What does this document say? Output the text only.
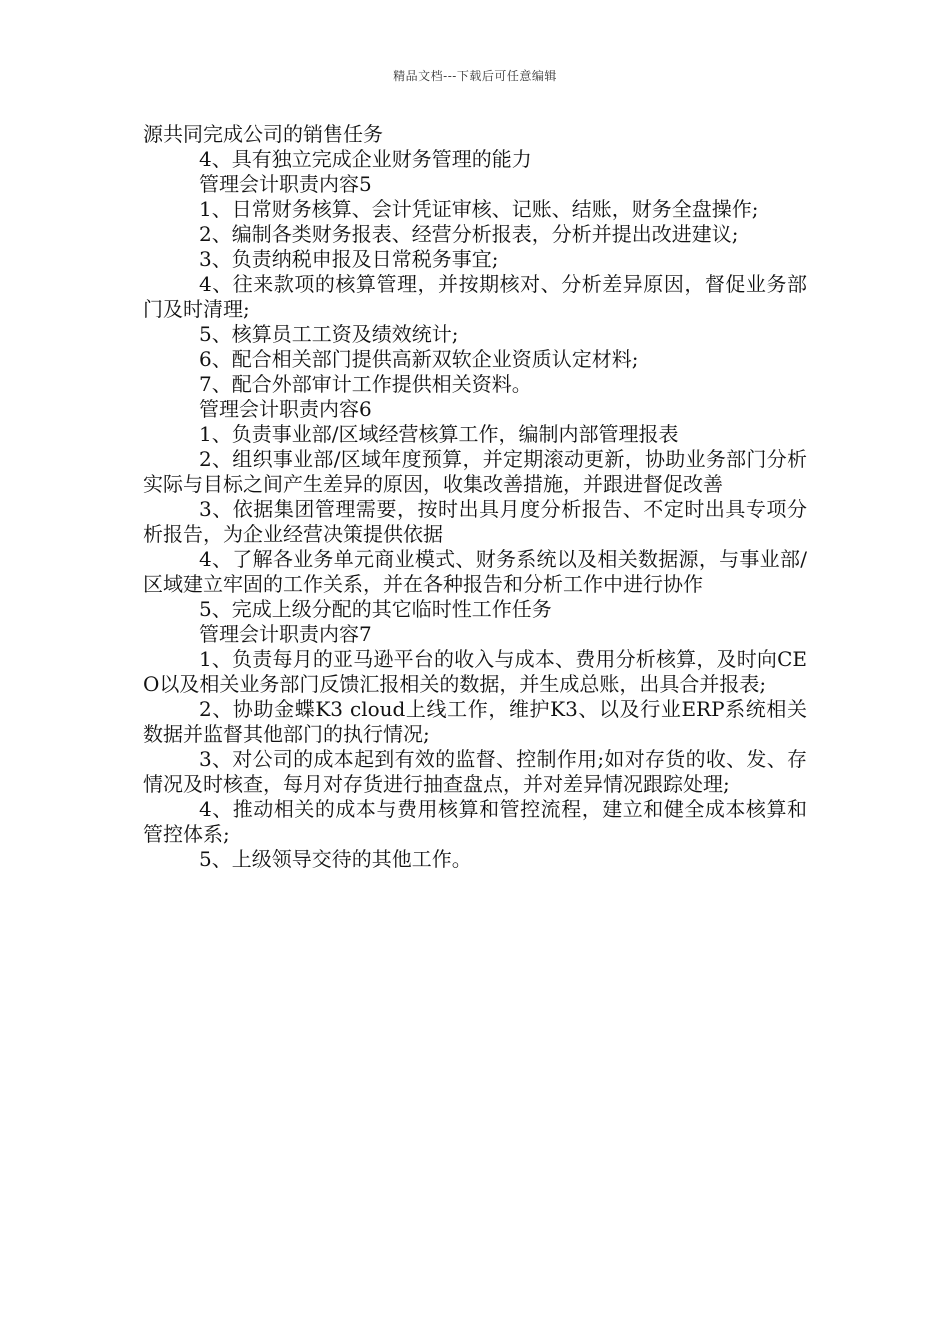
精品文档---下载后可任意编辑

源共同完成公司的销售任务

4、具有独立完成企业财务管理的能力

管理会计职责内容5

1、日常财务核算、会计凭证审核、记账、结账，财务全盘操作;

2、编制各类财务报表、经营分析报表，分析并提出改进建议;

3、负责纳税申报及日常税务事宜;

4、往来款项的核算管理，并按期核对、分析差异原因，督促业务部门及时清理;

5、核算员工工资及绩效统计;

6、配合相关部门提供高新双软企业资质认定材料;

7、配合外部审计工作提供相关资料。

管理会计职责内容6

1、负责事业部/区域经营核算工作，编制内部管理报表

2、组织事业部/区域年度预算，并定期滚动更新，协助业务部门分析实际与目标之间产生差异的原因，收集改善措施，并跟进督促改善

3、依据集团管理需要，按时出具月度分析报告、不定时出具专项分析报告，为企业经营决策提供依据

4、了解各业务单元商业模式、财务系统以及相关数据源，与事业部/区域建立牢固的工作关系，并在各种报告和分析工作中进行协作

5、完成上级分配的其它临时性工作任务

管理会计职责内容7

1、负责每月的亚马逊平台的收入与成本、费用分析核算，及时向CEO以及相关业务部门反馈汇报相关的数据，并生成总账，出具合并报表;

2、协助金蝶K3 cloud上线工作，维护K3、以及行业ERP系统相关数据并监督其他部门的执行情况;

3、对公司的成本起到有效的监督、控制作用;如对存货的收、发、存情况及时核查，每月对存货进行抽查盘点，并对差异情况跟踪处理;

4、推动相关的成本与费用核算和管控流程，建立和健全成本核算和管控体系;

5、上级领导交待的其他工作。
